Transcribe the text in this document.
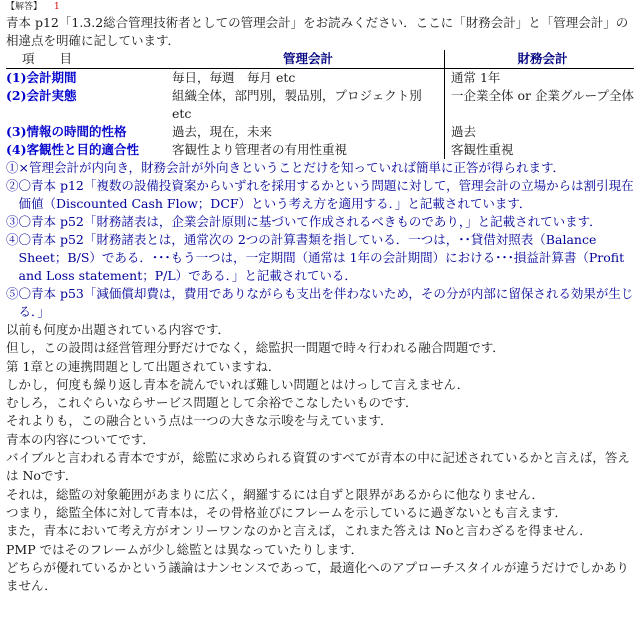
【解答】 1

青本 p12「1.3.2総合管理技術者としての管理会計」をお読みください．ここに「財務会計」と「管理会計」の相違点を明確に記しています．

項　　目	管理会計	財務会計
(1)会計期間	毎日，毎週　毎月 etc	通常 1年
(2)会計実態	組織全体，部門別，製品別，プロジェクト別 etc	一企業全体 or 企業グループ全体
(3)情報の時間的性格	過去，現在，未来	過去
(4)客観性と目的適合性	客観性より管理者の有用性重視	客観性重視

①×管理会計が内向き，財務会計が外向きということだけを知っていれば簡単に正答が得られます．

②〇青本 p12「複数の設備投資案からいずれを採用するかという問題に対して，管理会計の立場からは割引現在価値（Discounted Cash Flow；DCF）という考え方を適用する．」と記載されています．

③〇青本 p52「財務諸表は，企業会計原則に基づいて作成されるべきものであり，」と記載されています．

④〇青本 p52「財務諸表とは，通常次の 2つの計算書類を指している．一つは，･･貸借対照表（Balance Sheet；B/S）である．･･･もう一つは，一定期間（通常は 1年の会計期間）における･･･損益計算書（Profit and Loss statement；P/L）である．」と記載されている．

⑤〇青本 p53「減価償却費は，費用でありながらも支出を伴わないため，その分が内部に留保される効果が生じる．」

以前も何度か出題されている内容です．

但し，この設問は経営管理分野だけでなく，総監択一問題で時々行われる融合問題です．

第 1章との連携問題として出題されていますね．

しかし，何度も繰り返し青本を読んでいれば難しい問題とはけっして言えません．

むしろ，これぐらいならサービス問題として余裕でこなしたいものです．

それよりも，この融合という点は一つの大きな示唆を与えています．

青本の内容についてです．

バイブルと言われる青本ですが，総監に求められる資質のすべてが青本の中に記述されているかと言えば，答えは Noです．

それは，総監の対象範囲があまりに広く，網羅するには自ずと限界があるからに他なりません．

つまり，総監全体に対して青本は，その骨格並びにフレームを示しているに過ぎないとも言えます．

また，青本において考え方がオンリーワンなのかと言えば，これまた答えは Noと言わざるを得ません．

PMP ではそのフレームが少し総監とは異なっていたりします．

どちらが優れているかという議論はナンセンスであって，最適化へのアプローチスタイルが違うだけでしかありません．
